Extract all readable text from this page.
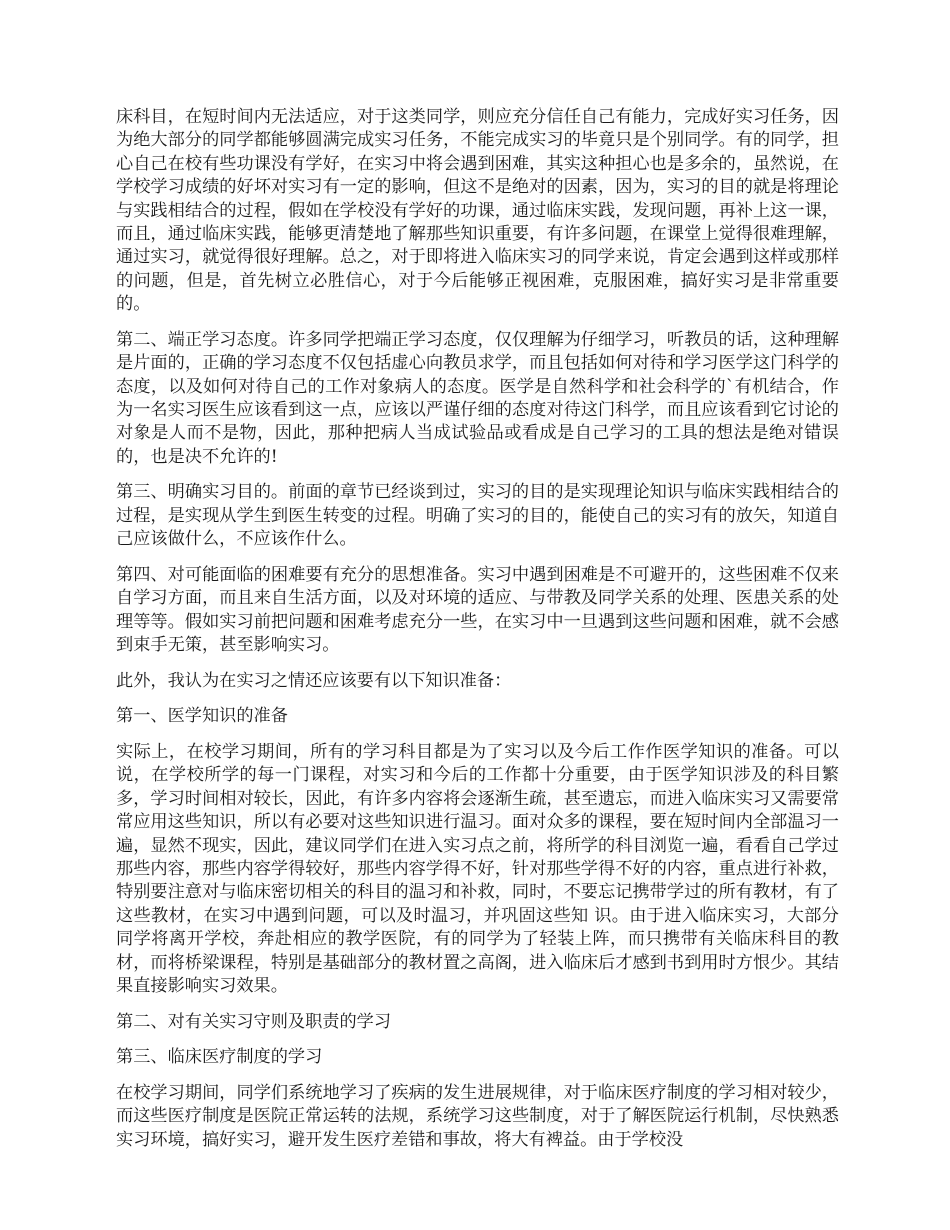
床科目，在短时间内无法适应，对于这类同学，则应充分信任自己有能力，完成好实习任务，因为绝大部分的同学都能够圆满完成实习任务，不能完成实习的毕竟只是个别同学。有的同学，担心自己在校有些功课没有学好，在实习中将会遇到困难，其实这种担心也是多余的，虽然说，在学校学习成绩的好坏对实习有一定的影响，但这不是绝对的因素，因为，实习的目的就是将理论与实践相结合的过程，假如在学校没有学好的功课，通过临床实践，发现问题，再补上这一课，而且，通过临床实践，能够更清楚地了解那些知识重要，有许多问题，在课堂上觉得很难理解，通过实习，就觉得很好理解。总之，对于即将进入临床实习的同学来说，肯定会遇到这样或那样的问题，但是，首先树立必胜信心，对于今后能够正视困难，克服困难，搞好实习是非常重要的。

第二、端正学习态度。许多同学把端正学习态度，仅仅理解为仔细学习，听教员的话，这种理解是片面的，正确的学习态度不仅包括虚心向教员求学，而且包括如何对待和学习医学这门科学的态度，以及如何对待自己的工作对象病人的态度。医学是自然科学和社会科学的`有机结合，作为一名实习医生应该看到这一点，应该以严谨仔细的态度对待这门科学，而且应该看到它讨论的对象是人而不是物，因此，那种把病人当成试验品或看成是自己学习的工具的想法是绝对错误的，也是决不允许的!

第三、明确实习目的。前面的章节已经谈到过，实习的目的是实现理论知识与临床实践相结合的过程，是实现从学生到医生转变的过程。明确了实习的目的，能使自己的实习有的放矢，知道自己应该做什么，不应该作什么。

第四、对可能面临的困难要有充分的思想准备。实习中遇到困难是不可避开的，这些困难不仅来自学习方面，而且来自生活方面，以及对环境的适应、与带教及同学关系的处理、医患关系的处理等等。假如实习前把问题和困难考虑充分一些，在实习中一旦遇到这些问题和困难，就不会感到束手无策，甚至影响实习。

此外，我认为在实习之情还应该要有以下知识准备：

第一、医学知识的准备

实际上，在校学习期间，所有的学习科目都是为了实习以及今后工作作医学知识的准备。可以说，在学校所学的每一门课程，对实习和今后的工作都十分重要，由于医学知识涉及的科目繁多，学习时间相对较长，因此，有许多内容将会逐渐生疏，甚至遗忘，而进入临床实习又需要常常应用这些知识，所以有必要对这些知识进行温习。面对众多的课程，要在短时间内全部温习一遍，显然不现实，因此，建议同学们在进入实习点之前，将所学的科目浏览一遍，看看自己学过那些内容，那些内容学得较好，那些内容学得不好，针对那些学得不好的内容，重点进行补救，特别要注意对与临床密切相关的科目的温习和补救，同时，不要忘记携带学过的所有教材，有了这些教材，在实习中遇到问题，可以及时温习，并巩固这些知 识。由于进入临床实习，大部分同学将离开学校，奔赴相应的教学医院，有的同学为了轻装上阵，而只携带有关临床科目的教材，而将桥梁课程，特别是基础部分的教材置之高阁，进入临床后才感到书到用时方恨少。其结果直接影响实习效果。

第二、对有关实习守则及职责的学习

第三、临床医疗制度的学习

在校学习期间，同学们系统地学习了疾病的发生进展规律，对于临床医疗制度的学习相对较少，而这些医疗制度是医院正常运转的法规，系统学习这些制度，对于了解医院运行机制，尽快熟悉实习环境，搞好实习，避开发生医疗差错和事故，将大有裨益。由于学校没
